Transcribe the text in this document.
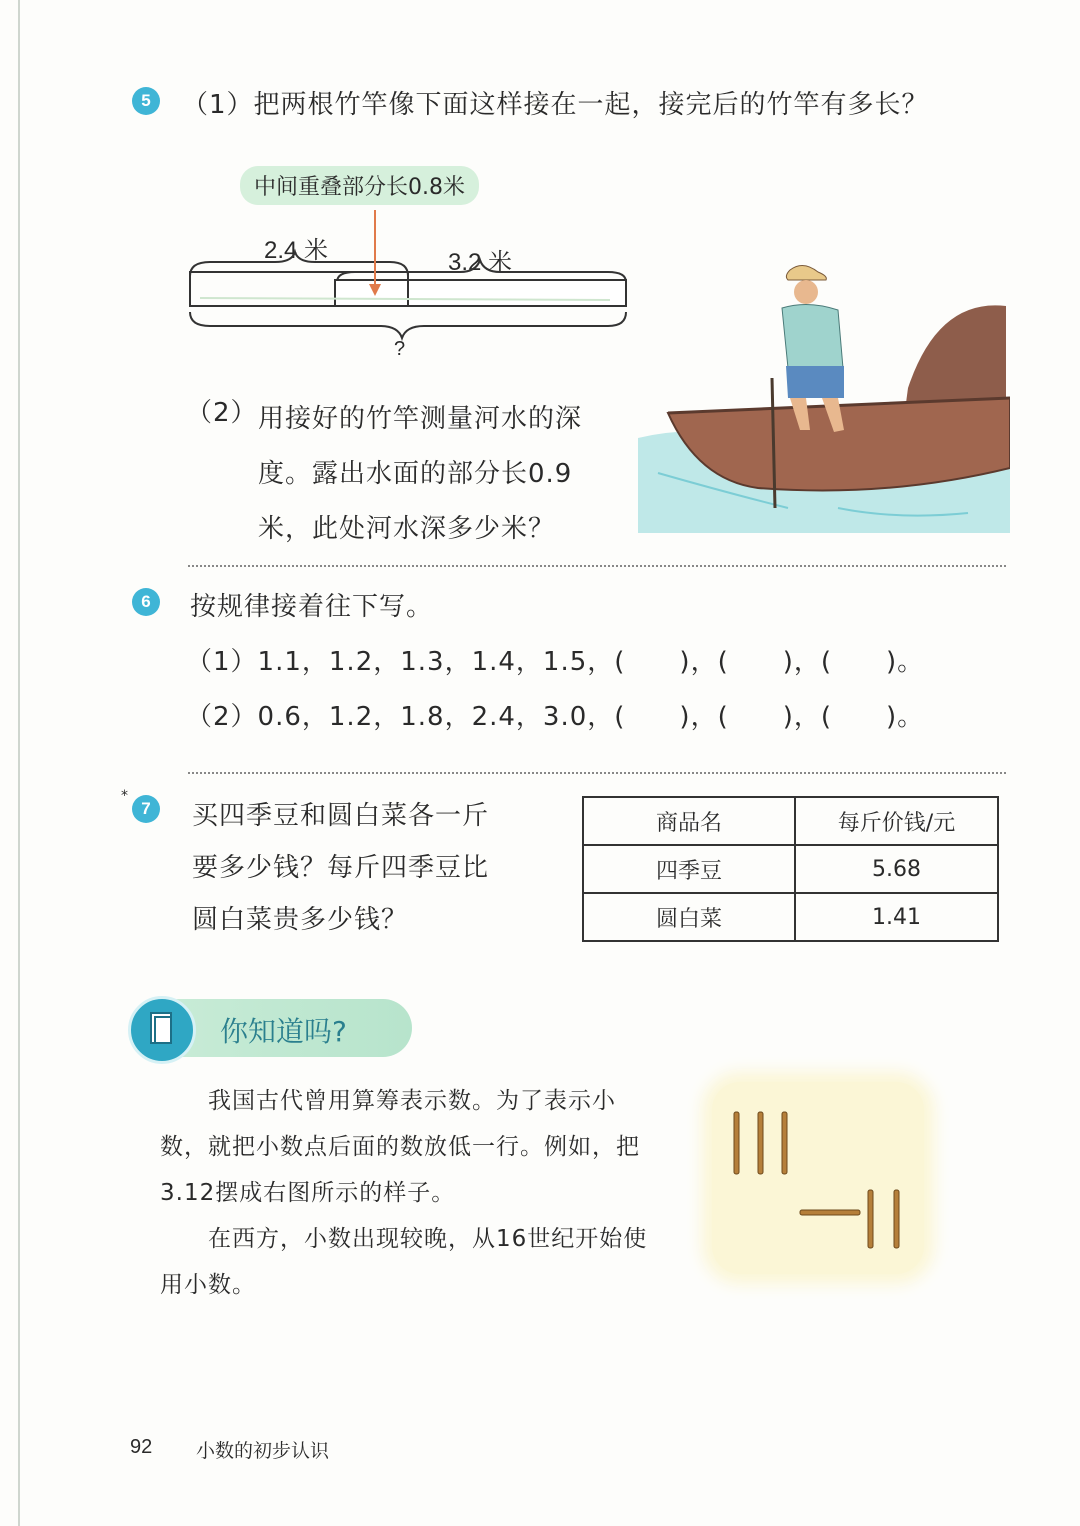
5	（1）把两根竹竿像下面这样接在一起，接完后的竹竿有多长？
中间重叠部分长0.8米
2.4 米	3.2 米
?
（2） 用接好的竹竿测量河水的深
度。露出水面的部分长0.9
米，此处河水深多少米？
6	按规律接着往下写。
（1）1.1，1.2，1.3，1.4，1.5，(　　)，(　　)，(　　)。
（2）0.6，1.2，1.8，2.4，3.0，(　　)，(　　)，(　　)。
*
7	买四季豆和圆白菜各一斤
要多少钱？每斤四季豆比
圆白菜贵多少钱？
商品名	每斤价钱/元
四季豆	5.68
圆白菜	1.41
你知道吗?
我国古代曾用算筹表示数。为了表示小
数，就把小数点后面的数放低一行。例如，把
3.12摆成右图所示的样子。
在西方，小数出现较晚，从16世纪开始使
用小数。
92 小数的初步认识
